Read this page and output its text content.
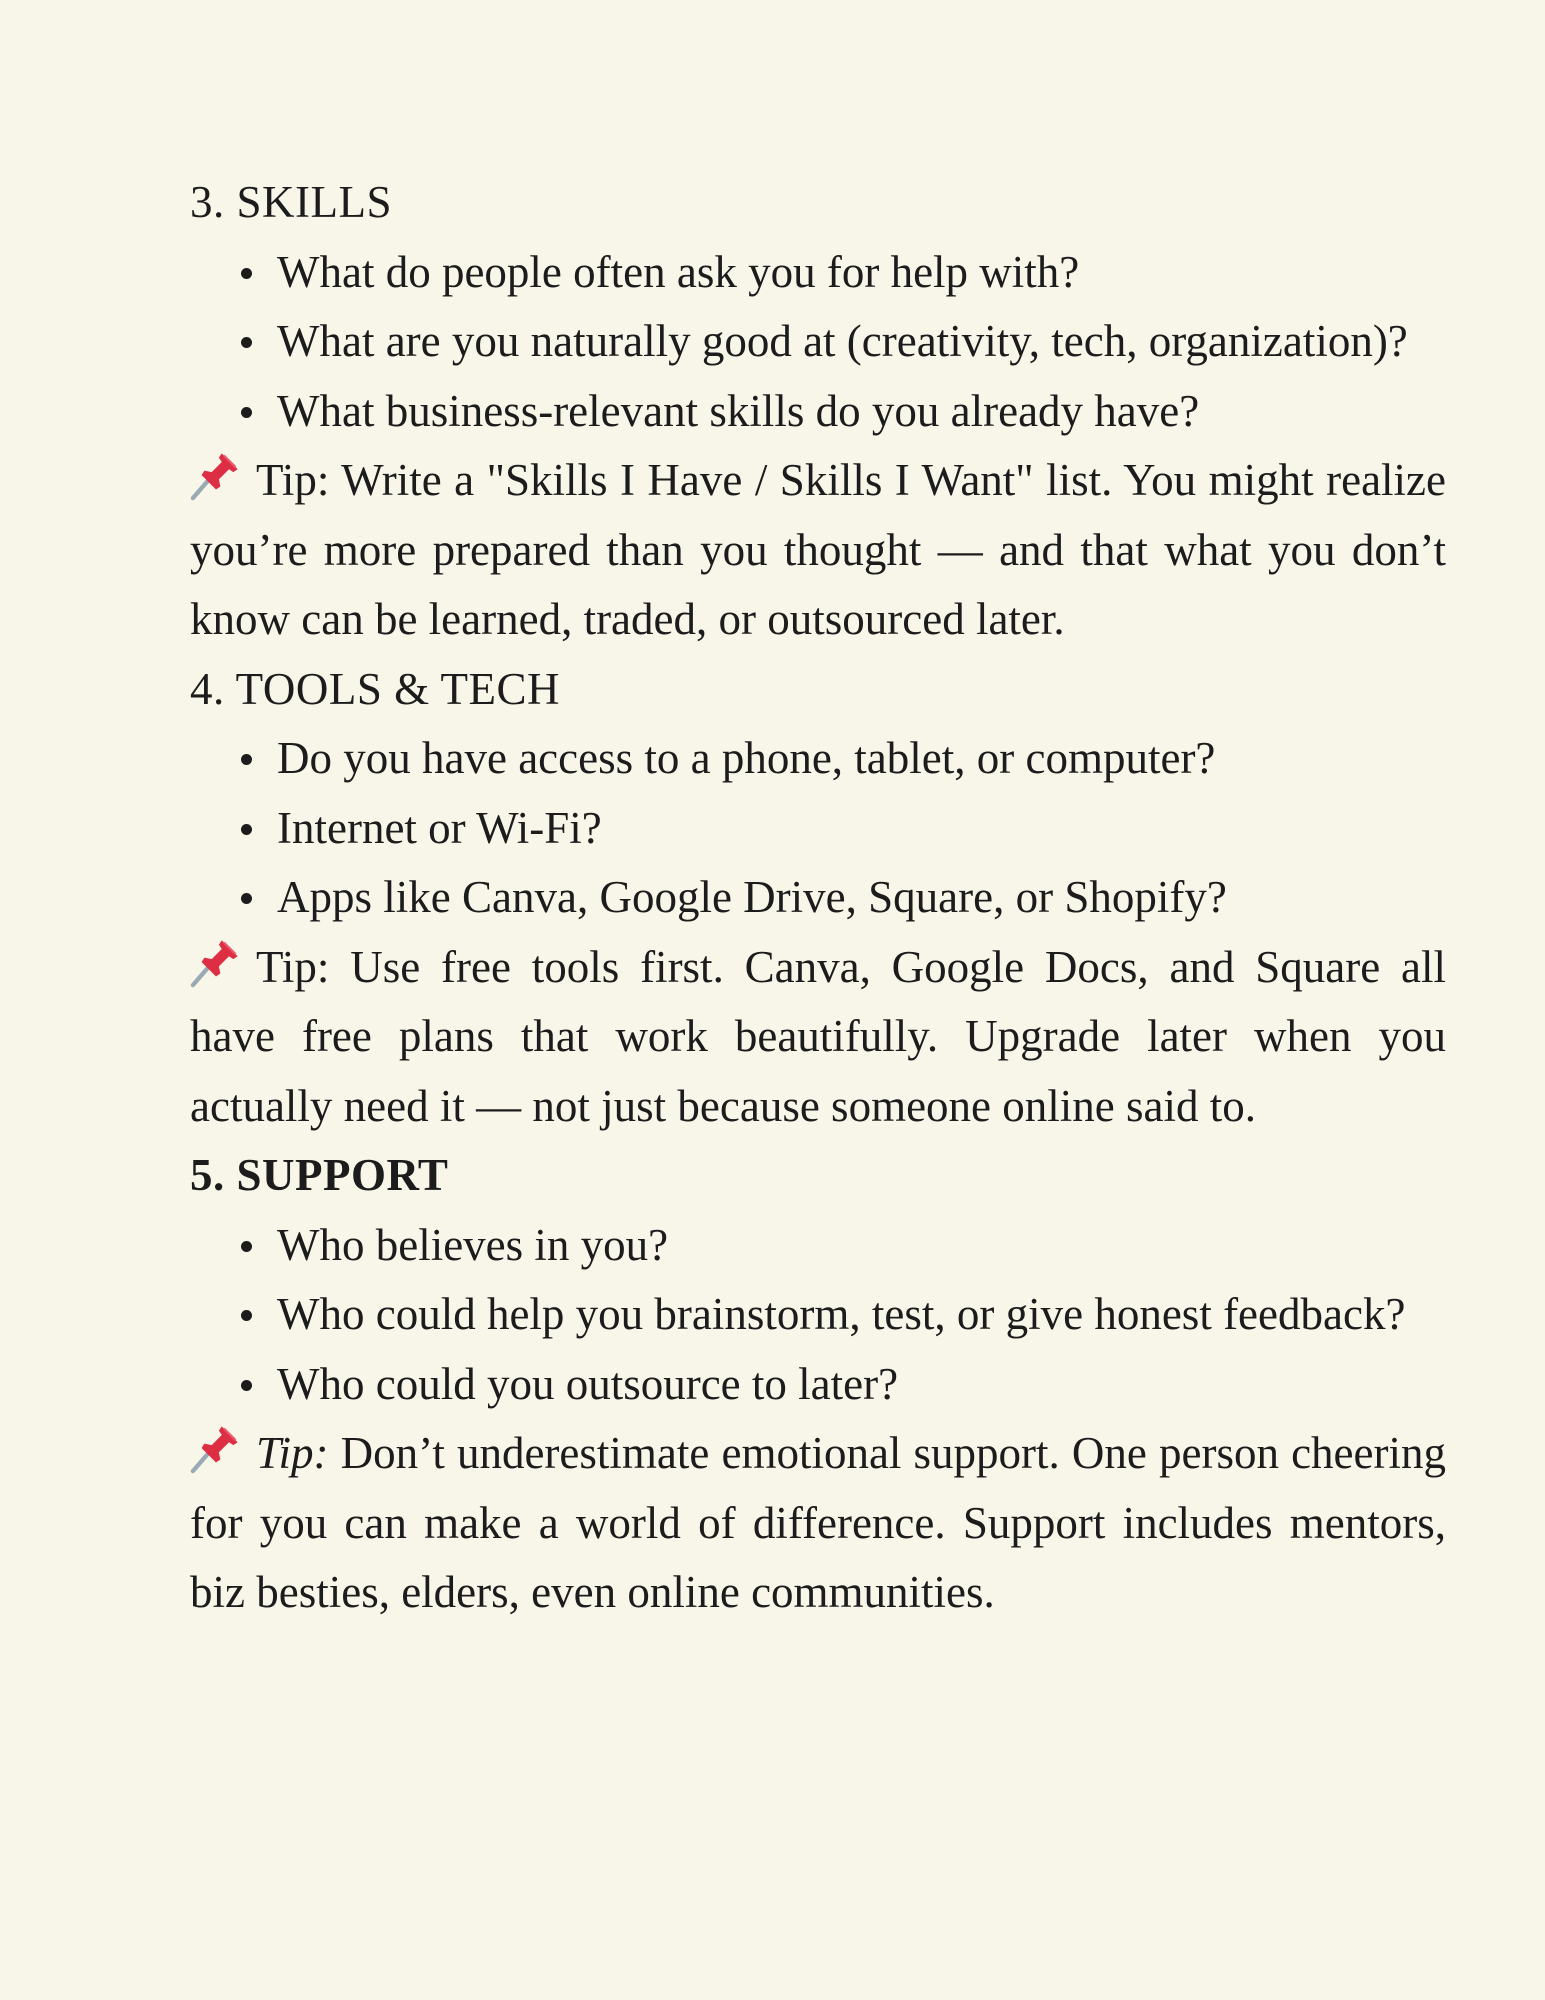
3. SKILLS
What do people often ask you for help with?
What are you naturally good at (creativity, tech, organization)?
What business-relevant skills do you already have?

Tip: Write a "Skills I Have / Skills I Want" list. You might realize you’re more prepared than you thought — and that what you don’t know can be learned, traded, or outsourced later.

4. TOOLS & TECH
Do you have access to a phone, tablet, or computer?
Internet or Wi-Fi?
Apps like Canva, Google Drive, Square, or Shopify?

Tip: Use free tools first. Canva, Google Docs, and Square all have free plans that work beautifully. Upgrade later when you actually need it — not just because someone online said to.

5. SUPPORT
Who believes in you?
Who could help you brainstorm, test, or give honest feedback?
Who could you outsource to later?

Tip: Don’t underestimate emotional support. One person cheering for you can make a world of difference. Support includes mentors, biz besties, elders, even online communities.
